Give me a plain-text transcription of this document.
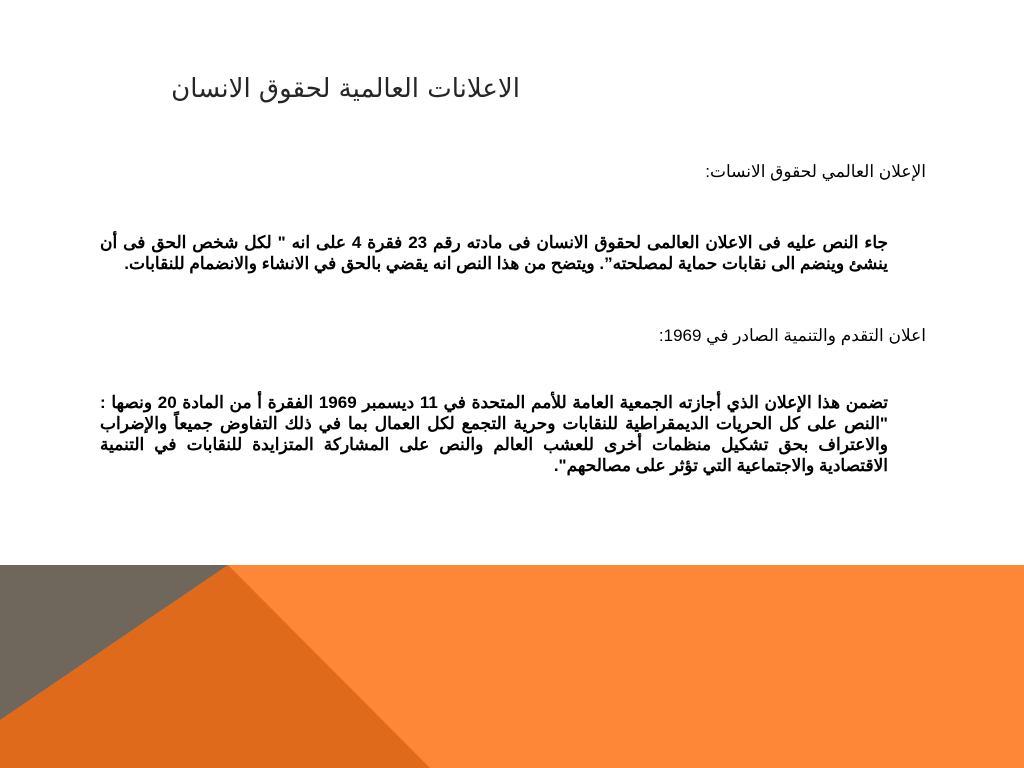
الاعلانات العالمية لحقوق الانسان

الإعلان العالمي لحقوق الانسات:

جاء النص عليه فى الاعلان العالمى لحقوق الانسان فى مادته رقم 23 فقرة 4 على انه " لكل شخص الحق فى أن ينشئ وينضم الى نقابات حماية لمصلحته”. ويتضح من هذا النص انه يقضي بالحق في الانشاء والانضمام للنقابات.

اعلان التقدم والتنمية الصادر في 1969:

تضمن هذا الإعلان الذي أجازته الجمعية العامة للأمم المتحدة في 11 ديسمبر 1969 الفقرة أ من المادة 20 ونصها : "النص على كل الحريات الديمقراطية للنقابات وحرية التجمع لكل العمال بما في ذلك التفاوض جميعاً والإضراب والاعتراف بحق تشكيل منظمات أخرى للعشب العالم والنص على المشاركة المتزايدة للنقابات في التنمية الاقتصادية والاجتماعية التي تؤثر على مصالحهم".
